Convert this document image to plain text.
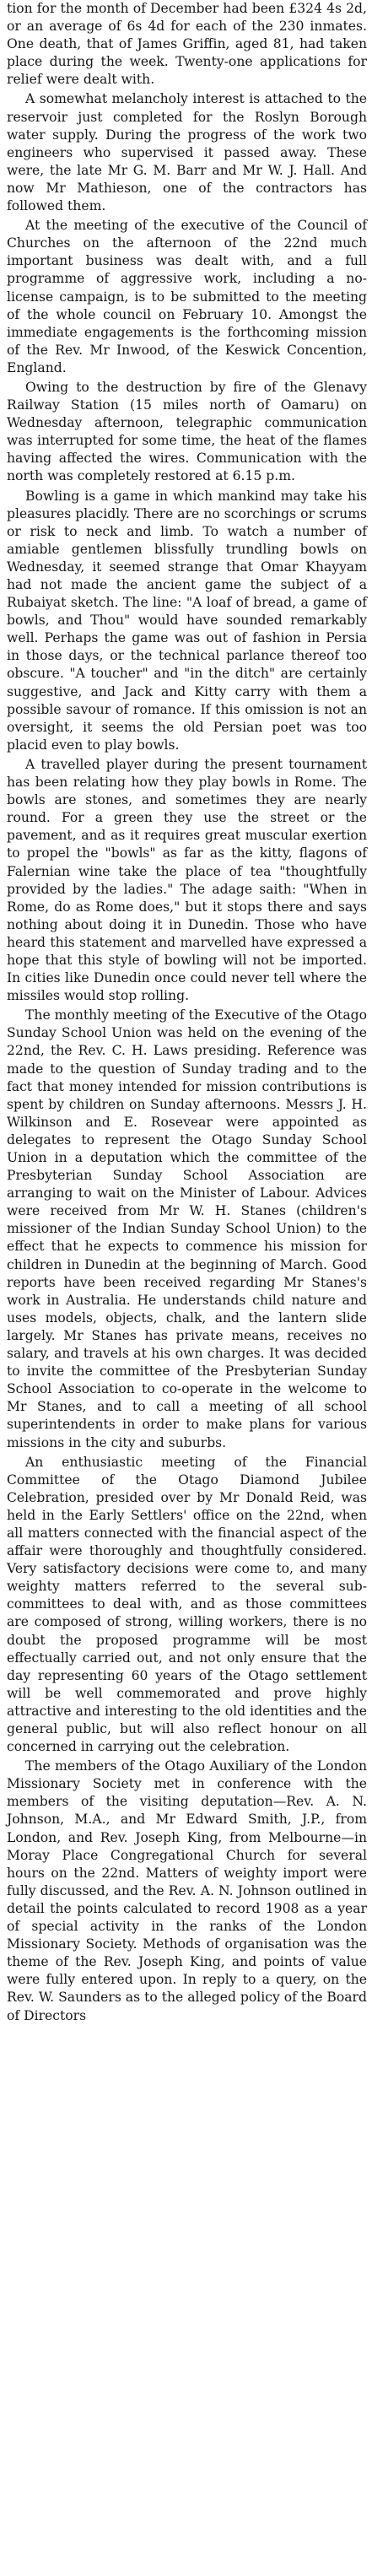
tion for the month of December had been £324 4s 2d, or an average of 6s 4d for each of the 230 inmates. One death, that of James Griffin, aged 81, had taken place during the week. Twenty-one applications for relief were dealt with.

A somewhat melancholy interest is attached to the reservoir just completed for the Roslyn Borough water supply. During the progress of the work two engineers who supervised it passed away. These were, the late Mr G. M. Barr and Mr W. J. Hall. And now Mr Mathieson, one of the contractors has followed them.

At the meeting of the executive of the Council of Churches on the afternoon of the 22nd much important business was dealt with, and a full programme of aggressive work, including a no-license campaign, is to be submitted to the meeting of the whole council on February 10. Amongst the immediate engagements is the forthcoming mission of the Rev. Mr Inwood, of the Keswick Concention, England.

Owing to the destruction by fire of the Glenavy Railway Station (15 miles north of Oamaru) on Wednesday afternoon, telegraphic communication was interrupted for some time, the heat of the flames having affected the wires. Communication with the north was completely restored at 6.15 p.m.

Bowling is a game in which mankind may take his pleasures placidly. There are no scorchings or scrums or risk to neck and limb. To watch a number of amiable gentlemen blissfully trundling bowls on Wednesday, it seemed strange that Omar Khayyam had not made the ancient game the subject of a Rubaiyat sketch. The line: "A loaf of bread, a game of bowls, and Thou" would have sounded remarkably well. Perhaps the game was out of fashion in Persia in those days, or the technical parlance thereof too obscure. "A toucher" and "in the ditch" are certainly suggestive, and Jack and Kitty carry with them a possible savour of romance. If this omission is not an oversight, it seems the old Persian poet was too placid even to play bowls.

A travelled player during the present tournament has been relating how they play bowls in Rome. The bowls are stones, and sometimes they are nearly round. For a green they use the street or the pavement, and as it requires great muscular exertion to propel the "bowls" as far as the kitty, flagons of Falernian wine take the place of tea "thoughtfully provided by the ladies." The adage saith: "When in Rome, do as Rome does," but it stops there and says nothing about doing it in Dunedin. Those who have heard this statement and marvelled have expressed a hope that this style of bowling will not be imported. In cities like Dunedin once could never tell where the missiles would stop rolling.

The monthly meeting of the Executive of the Otago Sunday School Union was held on the evening of the 22nd, the Rev. C. H. Laws presiding. Reference was made to the question of Sunday trading and to the fact that money intended for mission contributions is spent by children on Sunday afternoons. Messrs J. H. Wilkinson and E. Rosevear were appointed as delegates to represent the Otago Sunday School Union in a deputation which the committee of the Presbyterian Sunday School Association are arranging to wait on the Minister of Labour. Advices were received from Mr W. H. Stanes (children's missioner of the Indian Sunday School Union) to the effect that he expects to commence his mission for children in Dunedin at the beginning of March. Good reports have been received regarding Mr Stanes's work in Australia. He understands child nature and uses models, objects, chalk, and the lantern slide largely. Mr Stanes has private means, receives no salary, and travels at his own charges. It was decided to invite the committee of the Presbyterian Sunday School Association to co-operate in the welcome to Mr Stanes, and to call a meeting of all school superintendents in order to make plans for various missions in the city and suburbs.

An enthusiastic meeting of the Financial Committee of the Otago Diamond Jubilee Celebration, presided over by Mr Donald Reid, was held in the Early Settlers' office on the 22nd, when all matters connected with the financial aspect of the affair were thoroughly and thoughtfully considered. Very satisfactory decisions were come to, and many weighty matters referred to the several sub-committees to deal with, and as those committees are composed of strong, willing workers, there is no doubt the proposed programme will be most effectually carried out, and not only ensure that the day representing 60 years of the Otago settlement will be well commemorated and prove highly attractive and interesting to the old identities and the general public, but will also reflect honour on all concerned in carrying out the celebration.

The members of the Otago Auxiliary of the London Missionary Society met in conference with the members of the visiting deputation—Rev. A. N. Johnson, M.A., and Mr Edward Smith, J.P., from London, and Rev. Joseph King, from Melbourne—in Moray Place Congregational Church for several hours on the 22nd. Matters of weighty import were fully discussed, and the Rev. A. N. Johnson outlined in detail the points calculated to record 1908 as a year of special activity in the ranks of the London Missionary Society. Methods of organisation was the theme of the Rev. Joseph King, and points of value were fully entered upon. In reply to a query, on the Rev. W. Saunders as to the alleged policy of the Board of Directors
